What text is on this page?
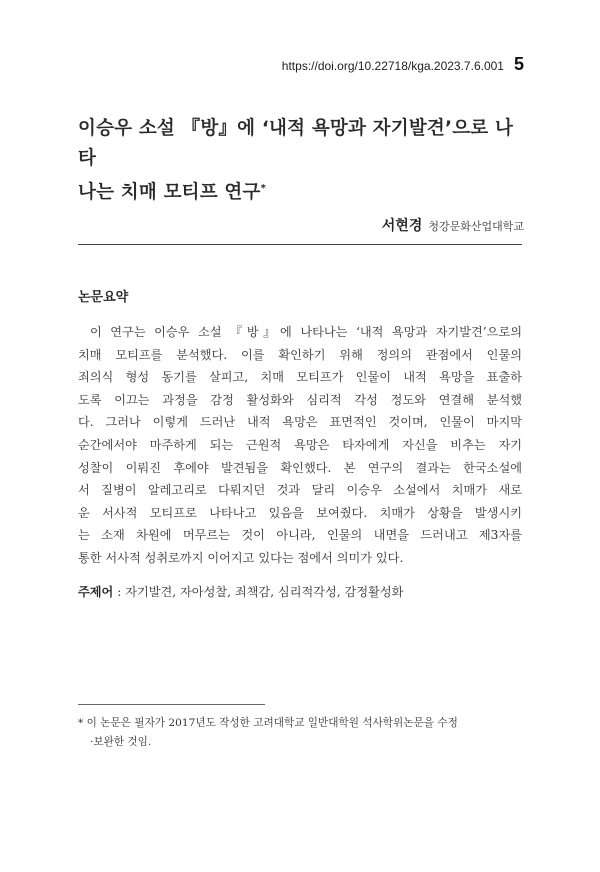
https://doi.org/10.22718/kga.2023.7.6.001 5
이승우 소설 『방』에 ‘내적 욕망과 자기발견’으로 나타
나는 치매 모티프 연구*
서현경 청강문화산업대학교
논문요약
이 연구는 이승우 소설 『방』에 나타나는 ‘내적 욕망과 자기발견’으로의
치매 모티프를 분석했다. 이를 확인하기 위해 정의의 관점에서 인물의
죄의식 형성 동기를 살피고, 치매 모티프가 인물이 내적 욕망을 표출하
도록 이끄는 과정을 감정 활성화와 심리적 각성 정도와 연결해 분석했
다. 그러나 이렇게 드러난 내적 욕망은 표면적인 것이며, 인물이 마지막
순간에서야 마주하게 되는 근원적 욕망은 타자에게 자신을 비추는 자기
성찰이 이뤄진 후에야 발견됨을 확인했다. 본 연구의 결과는 한국소설에
서 질병이 알레고리로 다뤄지던 것과 달리 이승우 소설에서 치매가 새로
운 서사적 모티프로 나타나고 있음을 보여줬다. 치매가 상황을 발생시키
는 소재 차원에 머무르는 것이 아니라, 인물의 내면을 드러내고 제3자를
통한 서사적 성취로까지 이어지고 있다는 점에서 의미가 있다.
주제어 : 자기발견, 자아성찰, 죄책감, 심리적각성, 감정활성화
* 이 논문은 필자가 2017년도 작성한 고려대학교 일반대학원 석사학위논문을 수정
·보완한 것임.
